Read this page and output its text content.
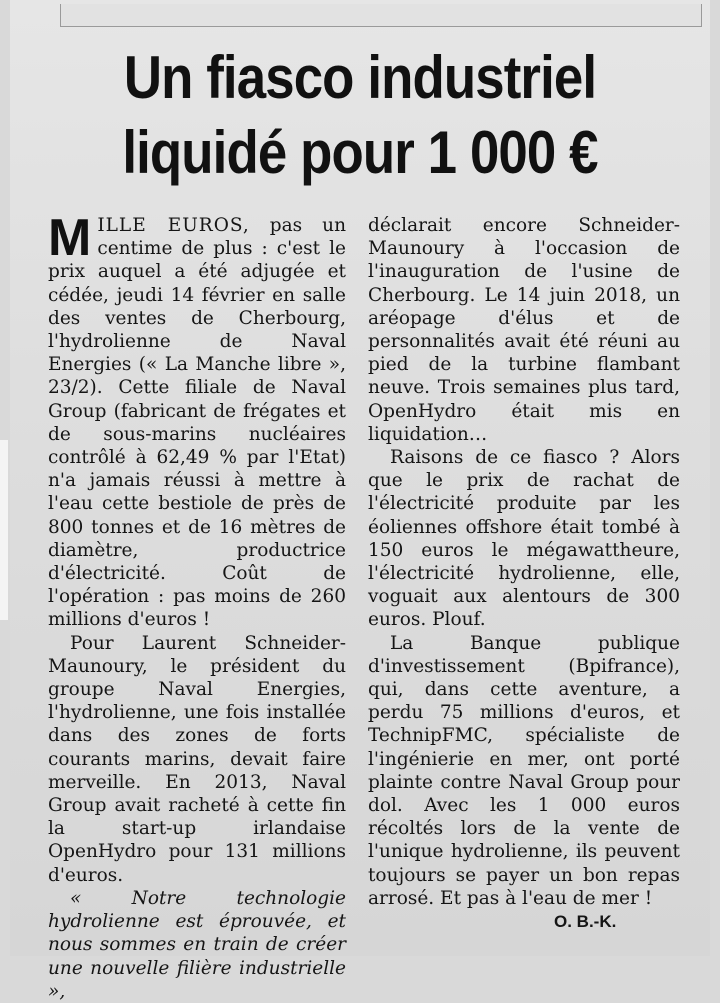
Un fiasco industriel
liquidé pour 1 000 €

MILLE EUROS, pas un centime de plus : c'est le prix auquel a été adjugée et cédée, jeudi 14 février en salle des ventes de Cherbourg, l'hydrolienne de Naval Energies (« La Manche libre », 23/2). Cette filiale de Naval Group (fabricant de frégates et de sous-marins nucléaires contrôlé à 62,49 % par l'Etat) n'a jamais réussi à mettre à l'eau cette bestiole de près de 800 tonnes et de 16 mètres de diamètre, productrice d'électricité. Coût de l'opération : pas moins de 260 millions d'euros !

Pour Laurent Schneider-Maunoury, le président du groupe Naval Energies, l'hydrolienne, une fois installée dans des zones de forts courants marins, devait faire merveille. En 2013, Naval Group avait racheté à cette fin la start-up irlandaise OpenHydro pour 131 millions d'euros.

« Notre technologie hydrolienne est éprouvée, et nous sommes en train de créer une nouvelle filière industrielle »,

déclarait encore Schneider-Maunoury à l'occasion de l'inauguration de l'usine de Cherbourg. Le 14 juin 2018, un aréopage d'élus et de personnalités avait été réuni au pied de la turbine flambant neuve. Trois semaines plus tard, OpenHydro était mis en liquidation…

Raisons de ce fiasco ? Alors que le prix de rachat de l'électricité produite par les éoliennes offshore était tombé à 150 euros le mégawattheure, l'électricité hydrolienne, elle, voguait aux alentours de 300 euros. Plouf.

La Banque publique d'investissement (Bpifrance), qui, dans cette aventure, a perdu 75 millions d'euros, et TechnipFMC, spécialiste de l'ingénierie en mer, ont porté plainte contre Naval Group pour dol. Avec les 1 000 euros récoltés lors de la vente de l'unique hydrolienne, ils peuvent toujours se payer un bon repas arrosé. Et pas à l'eau de mer !

O. B.-K.
